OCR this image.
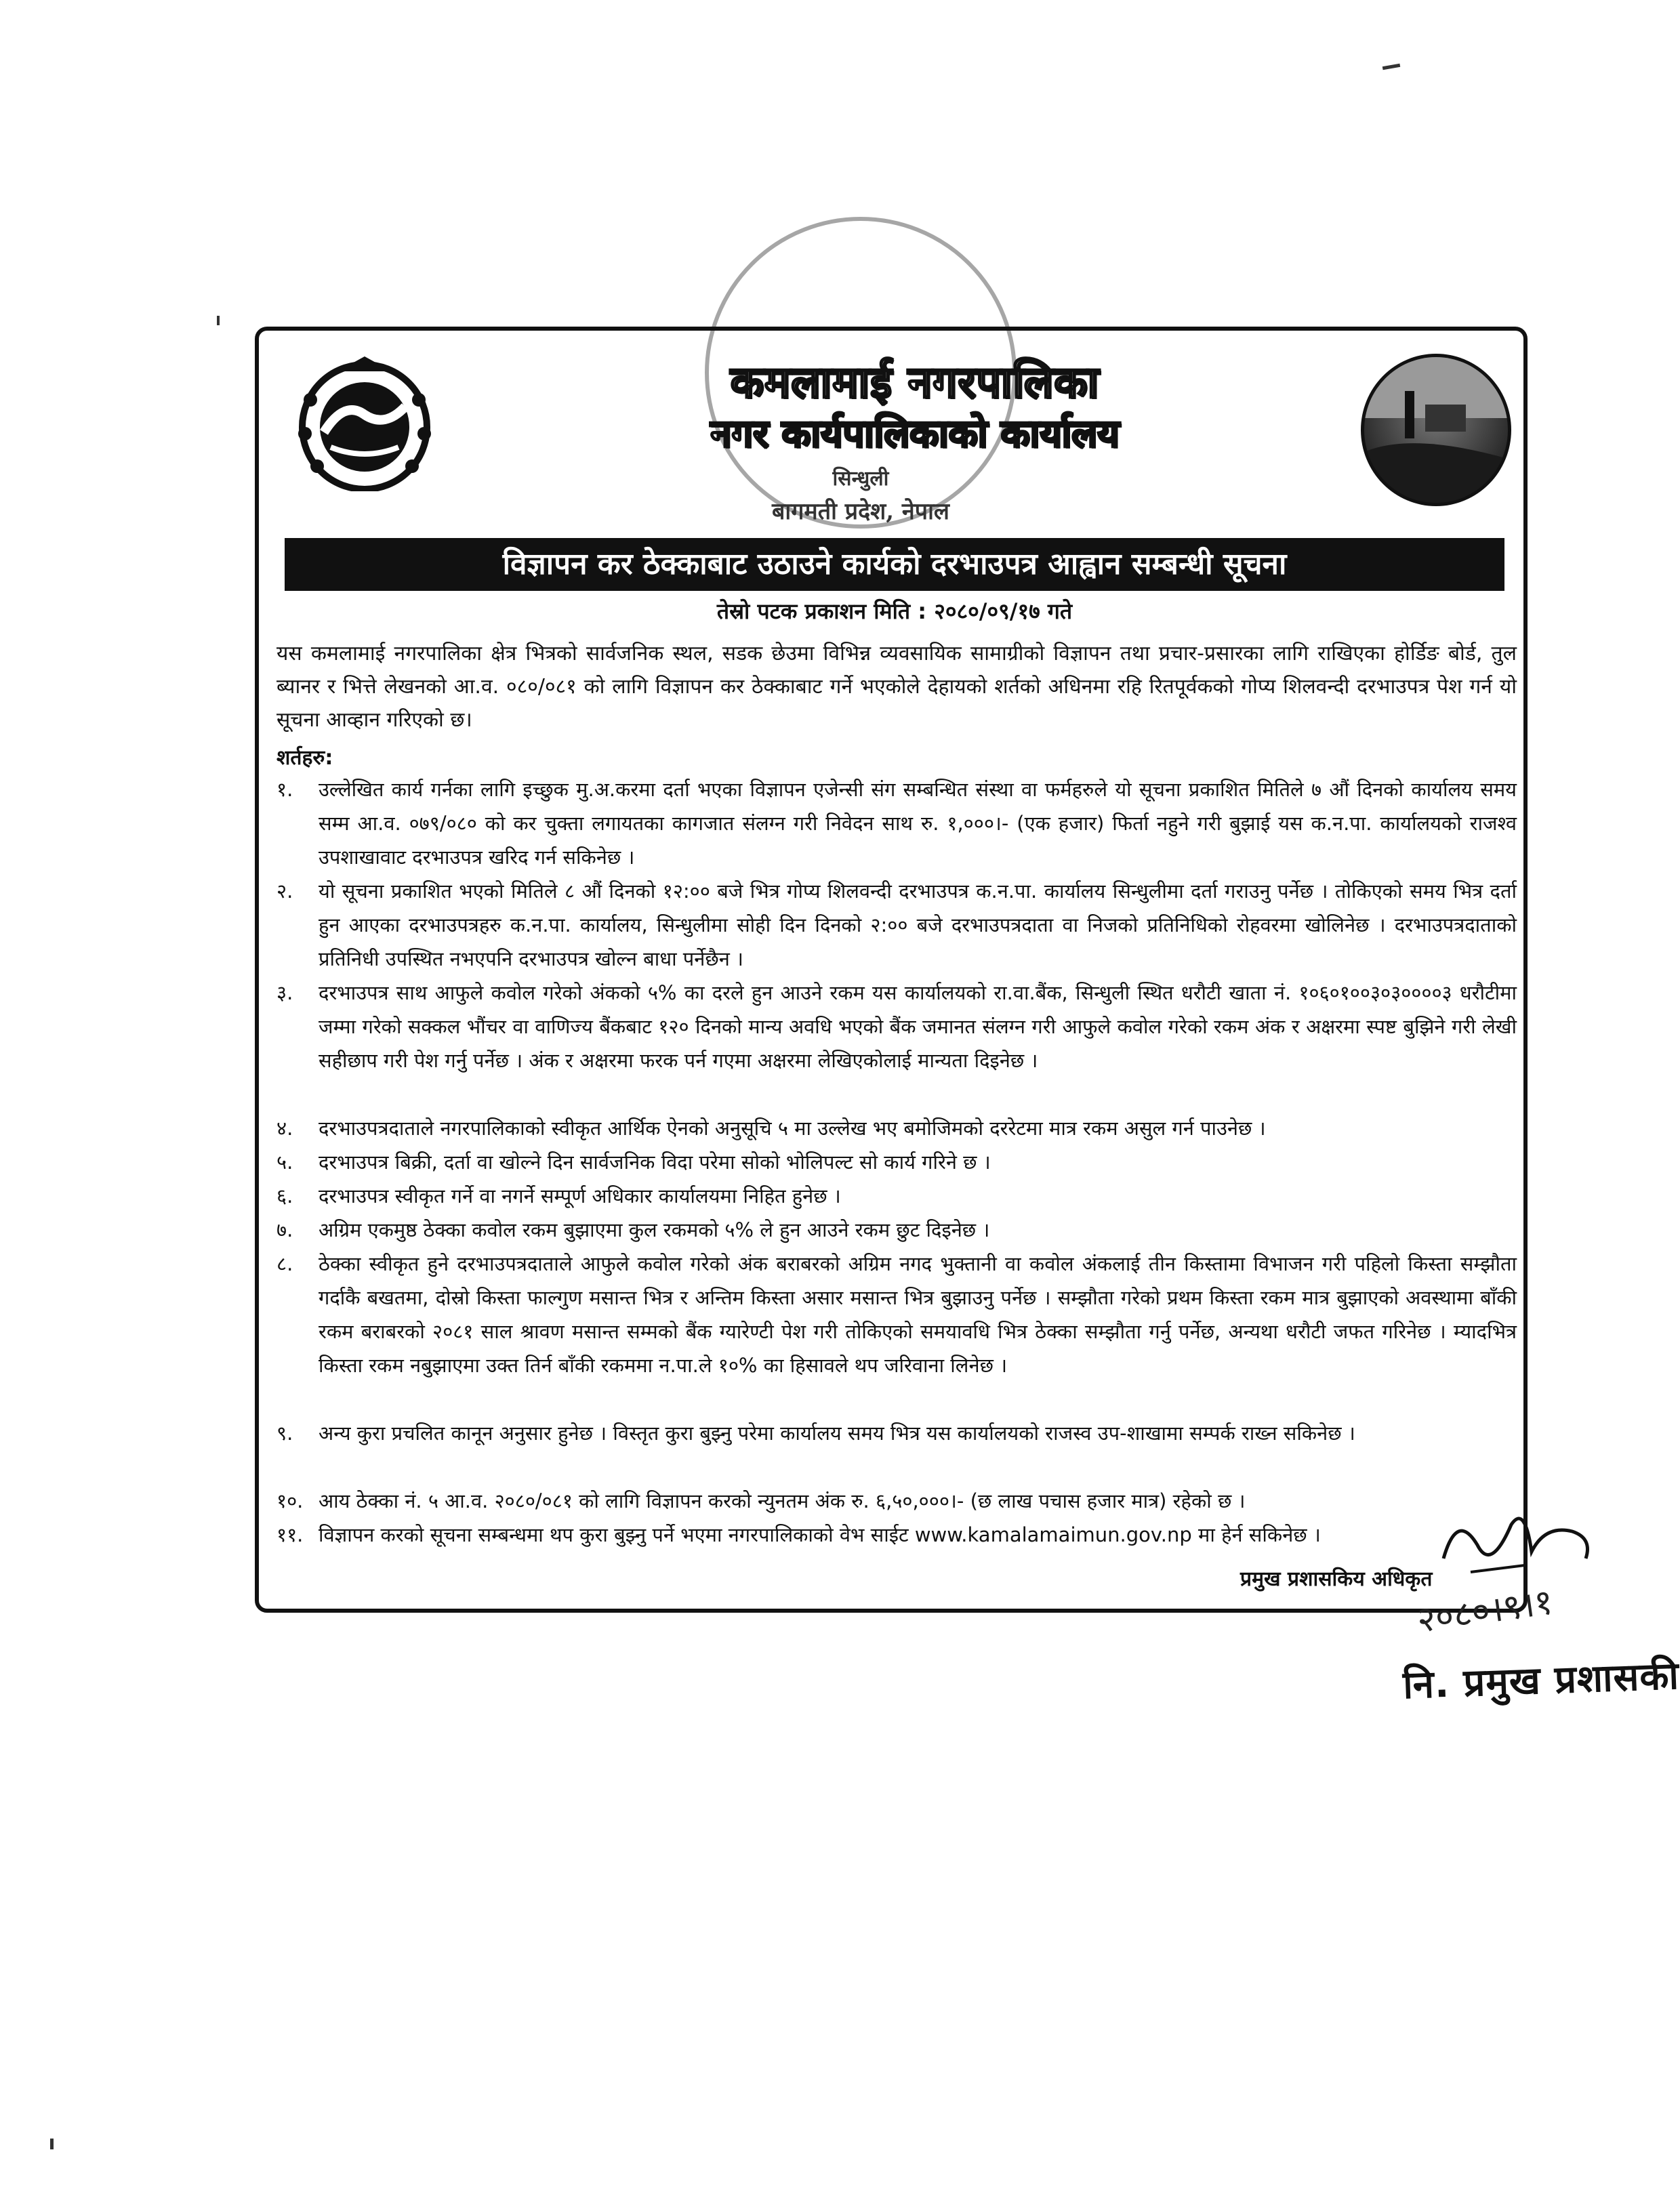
कमलामाई नगरपालिका
नगर कार्यपालिकाको कार्यालय
सिन्धुली
बागमती प्रदेश, नेपाल
विज्ञापन कर ठेक्काबाट उठाउने कार्यको दरभाउपत्र आह्वान सम्बन्धी सूचना
तेस्रो पटक प्रकाशन मिति : २०८०/०९/१७ गते
यस कमलामाई नगरपालिका क्षेत्र भित्रको सार्वजनिक स्थल, सडक छेउमा विभिन्न व्यवसायिक सामाग्रीको विज्ञापन तथा प्रचार-प्रसारका लागि राखिएका होर्डिङ बोर्ड, तुल ब्यानर र भित्ते लेखनको आ.व. ०८०/०८१ को लागि विज्ञापन कर ठेक्काबाट गर्ने भएकोले देहायको शर्तको अधिनमा रहि रितपूर्वकको गोप्य शिलवन्दी दरभाउपत्र पेश गर्न यो सूचना आव्हान गरिएको छ।
शर्तहरु:
१.	उल्लेखित कार्य गर्नका लागि इच्छुक मु.अ.करमा दर्ता भएका विज्ञापन एजेन्सी संग सम्बन्धित संस्था वा फर्महरुले यो सूचना प्रकाशित मितिले ७ औं दिनको कार्यालय समय सम्म आ.व. ०७९/०८० को कर चुक्ता लगायतका कागजात संलग्न गरी निवेदन साथ रु. १,०००।- (एक हजार) फिर्ता नहुने गरी बुझाई यस क.न.पा. कार्यालयको राजश्व उपशाखावाट दरभाउपत्र खरिद गर्न सकिनेछ ।
२.	यो सूचना प्रकाशित भएको मितिले ८ औं दिनको १२:०० बजे भित्र गोप्य शिलवन्दी दरभाउपत्र क.न.पा. कार्यालय सिन्धुलीमा दर्ता गराउनु पर्नेछ । तोकिएको समय भित्र दर्ता हुन आएका दरभाउपत्रहरु क.न.पा. कार्यालय, सिन्धुलीमा सोही दिन दिनको २:०० बजे दरभाउपत्रदाता वा निजको प्रतिनिधिको रोहवरमा खोलिनेछ । दरभाउपत्रदाताको प्रतिनिधी उपस्थित नभएपनि दरभाउपत्र खोल्न बाधा पर्नेछैन ।
३.	दरभाउपत्र साथ आफुले कवोल गरेको अंकको ५% का दरले हुन आउने रकम यस कार्यालयको रा.वा.बैंक, सिन्धुली स्थित धरौटी खाता नं. १०६०१००३०३००००३ धरौटीमा जम्मा गरेको सक्कल भौंचर वा वाणिज्य बैंकबाट १२० दिनको मान्य अवधि भएको बैंक जमानत संलग्न गरी आफुले कवोल गरेको रकम अंक र अक्षरमा स्पष्ट बुझिने गरी लेखी सहीछाप गरी पेश गर्नु पर्नेछ । अंक र अक्षरमा फरक पर्न गएमा अक्षरमा लेखिएकोलाई मान्यता दिइनेछ ।
४.	दरभाउपत्रदाताले नगरपालिकाको स्वीकृत आर्थिक ऐनको अनुसूचि ५ मा उल्लेख भए बमोजिमको दररेटमा मात्र रकम असुल गर्न पाउनेछ ।
५.	दरभाउपत्र बिक्री, दर्ता वा खोल्ने दिन सार्वजनिक विदा परेमा सोको भोलिपल्ट सो कार्य गरिने छ ।
६.	दरभाउपत्र स्वीकृत गर्ने वा नगर्ने सम्पूर्ण अधिकार कार्यालयमा निहित हुनेछ ।
७.	अग्रिम एकमुष्ठ ठेक्का कवोल रकम बुझाएमा कुल रकमको ५% ले हुन आउने रकम छुट दिइनेछ ।
८.	ठेक्का स्वीकृत हुने दरभाउपत्रदाताले आफुले कवोल गरेको अंक बराबरको अग्रिम नगद भुक्तानी वा कवोल अंकलाई तीन किस्तामा विभाजन गरी पहिलो किस्ता सम्झौता गर्दाकै बखतमा, दोस्रो किस्ता फाल्गुण मसान्त भित्र र अन्तिम किस्ता असार मसान्त भित्र बुझाउनु पर्नेछ । सम्झौता गरेको प्रथम किस्ता रकम मात्र बुझाएको अवस्थामा बाँकी रकम बराबरको २०८१ साल श्रावण मसान्त सम्मको बैंक ग्यारेण्टी पेश गरी तोकिएको समयावधि भित्र ठेक्का सम्झौता गर्नु पर्नेछ, अन्यथा धरौटी जफत गरिनेछ । म्यादभित्र किस्ता रकम नबुझाएमा उक्त तिर्न बाँकी रकममा न.पा.ले १०% का हिसावले थप जरिवाना लिनेछ ।
९.	अन्य कुरा प्रचलित कानून अनुसार हुनेछ । विस्तृत कुरा बुझ्नु परेमा कार्यालय समय भित्र यस कार्यालयको राजस्व उप-शाखामा सम्पर्क राख्न सकिनेछ ।
१०. आय ठेक्का नं. ५ आ.व. २०८०/०८१ को लागि विज्ञापन करको न्युनतम अंक रु. ६,५०,०००।- (छ लाख पचास हजार मात्र) रहेको छ ।
११. विज्ञापन करको सूचना सम्बन्धमा थप कुरा बुझ्नु पर्ने भएमा नगरपालिकाको वेभ साईट www.kamalamaimun.gov.np मा हेर्न सकिनेछ ।
प्रमुख प्रशासकिय अधिकृत
२०८०।९।१
नि. प्रमुख प्रशासकी
